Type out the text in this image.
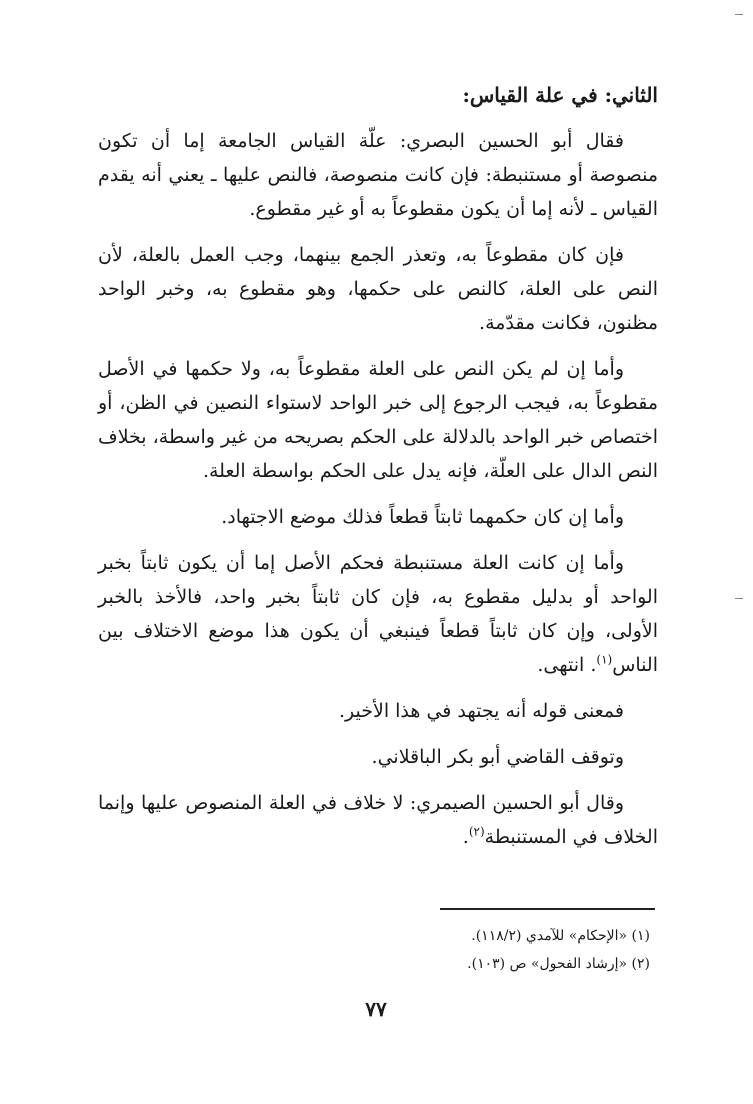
الثاني: في علة القياس:

فقال أبو الحسين البصري: علّة القياس الجامعة إما أن تكون منصوصة أو مستنبطة: فإن كانت منصوصة، فالنص عليها ـ يعني أنه يقدم القياس ـ لأنه إما أن يكون مقطوعاً به أو غير مقطوع.

فإن كان مقطوعاً به، وتعذر الجمع بينهما، وجب العمل بالعلة، لأن النص على العلة، كالنص على حكمها، وهو مقطوع به، وخبر الواحد مظنون، فكانت مقدّمة.

وأما إن لم يكن النص على العلة مقطوعاً به، ولا حكمها في الأصل مقطوعاً به، فيجب الرجوع إلى خبر الواحد لاستواء النصين في الظن، أو اختصاص خبر الواحد بالدلالة على الحكم بصريحه من غير واسطة، بخلاف النص الدال على العلّة، فإنه يدل على الحكم بواسطة العلة.

وأما إن كان حكمهما ثابتاً قطعاً فذلك موضع الاجتهاد.

وأما إن كانت العلة مستنبطة فحكم الأصل إما أن يكون ثابتاً بخبر الواحد أو بدليل مقطوع به، فإن كان ثابتاً بخبر واحد، فالأخذ بالخبر الأولى، وإن كان ثابتاً قطعاً فينبغي أن يكون هذا موضع الاختلاف بين الناس$^{(١)}$. انتهى.

فمعنى قوله أنه يجتهد في هذا الأخير.

وتوقف القاضي أبو بكر الباقلاني.

وقال أبو الحسين الصيمري: لا خلاف في العلة المنصوص عليها وإنما الخلاف في المستنبطة$^{(٢)}$.

(١) «الإحكام» للآمدي (١١٨/٢).

(٢) «إرشاد الفحول» ص (١٠٣).

٧٧
